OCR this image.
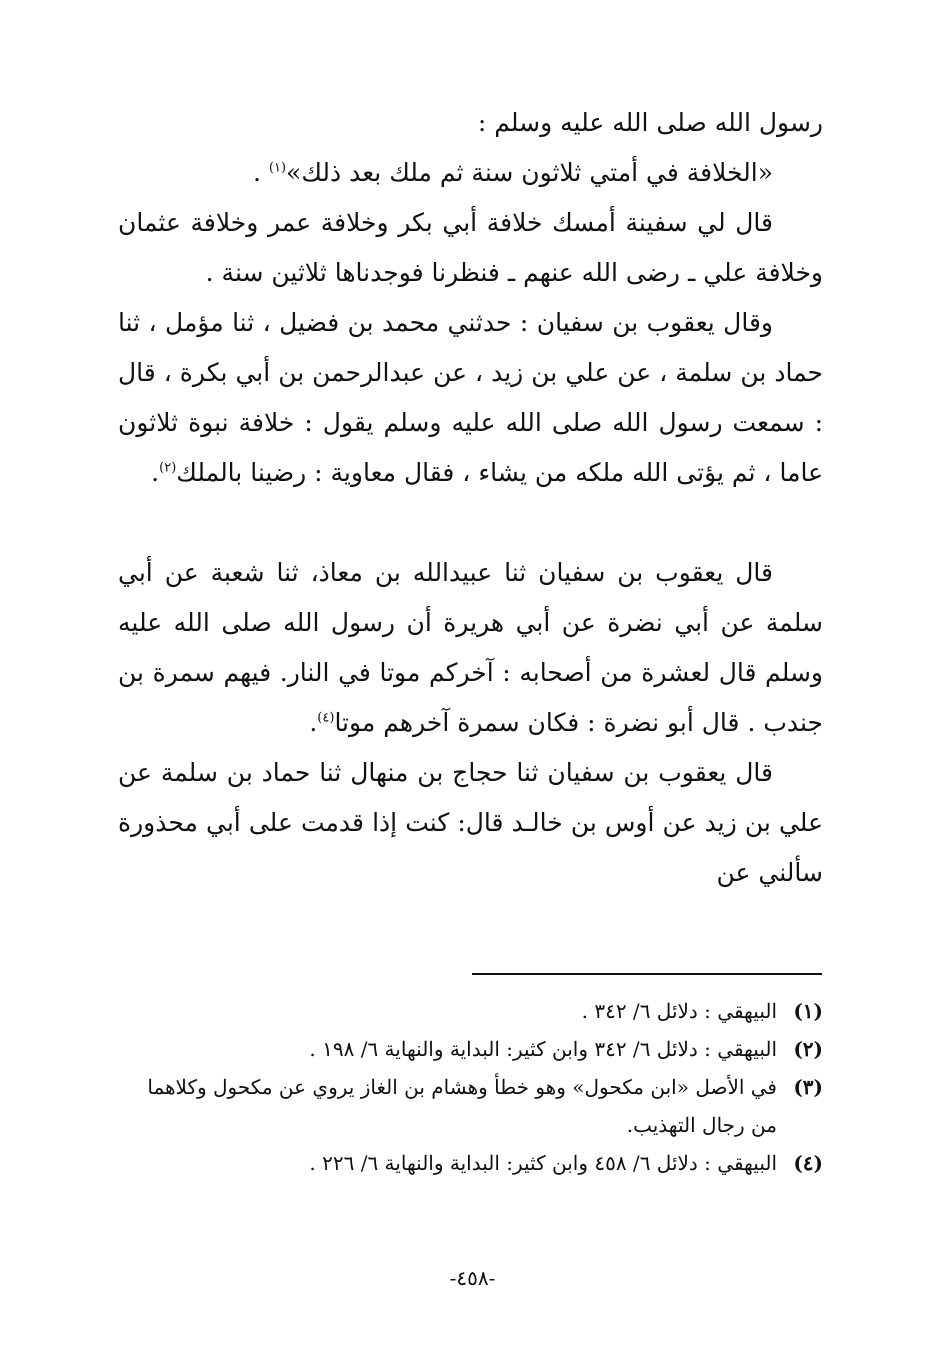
رسول الله صلى الله عليه وسلم :

«الخلافة في أمتي ثلاثون سنة ثم ملك بعد ذلك»$^{(١)}$ .

قال لي سفينة أمسك خلافة أبي بكر وخلافة عمر وخلافة عثمان وخلافة علي ـ رضى الله عنهم ـ فنظرنا فوجدناها ثلاثين سنة .

وقال يعقوب بن سفيان : حدثني محمد بن فضيل ، ثنا مؤمل ، ثنا حماد بن سلمة ، عن علي بن زيد ، عن عبدالرحمن بن أبي بكرة ، قال : سمعت رسول الله صلى الله عليه وسلم يقول : خلافة نبوة ثلاثون عاما ، ثم يؤتى الله ملكه من يشاء ، فقال معاوية : رضينا بالملك$^{(٢)}$.

قال يعقوب بن سفيان ثنا عبيدالله بن معاذ، ثنا شعبة عن أبي سلمة عن أبي نضرة عن أبي هريرة أن رسول الله صلى الله عليه وسلم قال لعشرة من أصحابه : آخركم موتا في النار. فيهم سمرة بن جندب . قال أبو نضرة : فكان سمرة آخرهم موتا$^{(٤)}$.

قال يعقوب بن سفيان ثنا حجاج بن منهال ثنا حماد بن سلمة عن علي بن زيد عن أوس بن خالـد قال: كنت إذا قدمت على أبي محذورة سألني عن

(١)
البيهقي : دلائل ٦/ ٣٤٢ .
(٢)
البيهقي : دلائل ٦/ ٣٤٢ وابن كثير: البداية والنهاية ٦/ ١٩٨ .
(٣)
في الأصل «ابن مكحول» وهو خطأ وهشام بن الغاز يروي عن مكحول وكلاهما من رجال التهذيب.
(٤)
البيهقي : دلائل ٦/ ٤٥٨ وابن كثير: البداية والنهاية ٦/ ٢٢٦ .
-٤٥٨-
